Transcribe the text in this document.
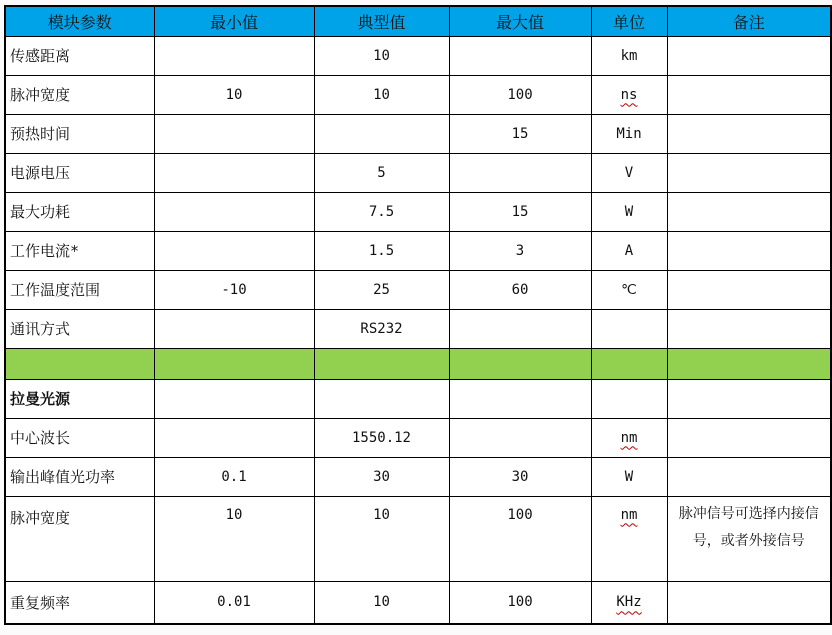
模块参数	最小值	典型值	最大值	单位	备注
传感距离		10		km	
脉冲宽度	10	10	100	ns	
预热时间			15	Min	
电源电压		5		V	
最大功耗		7.5	15	W	
工作电流*		1.5	3	A	
工作温度范围	-10	25	60	℃	
通讯方式		RS232			

拉曼光源					
中心波长		1550.12		nm	
输出峰值光功率	0.1	30	30	W	
脉冲宽度	10	10	100	nm	脉冲信号可选择内接信号，或者外接信号
重复频率	0.01	10	100	KHz	
